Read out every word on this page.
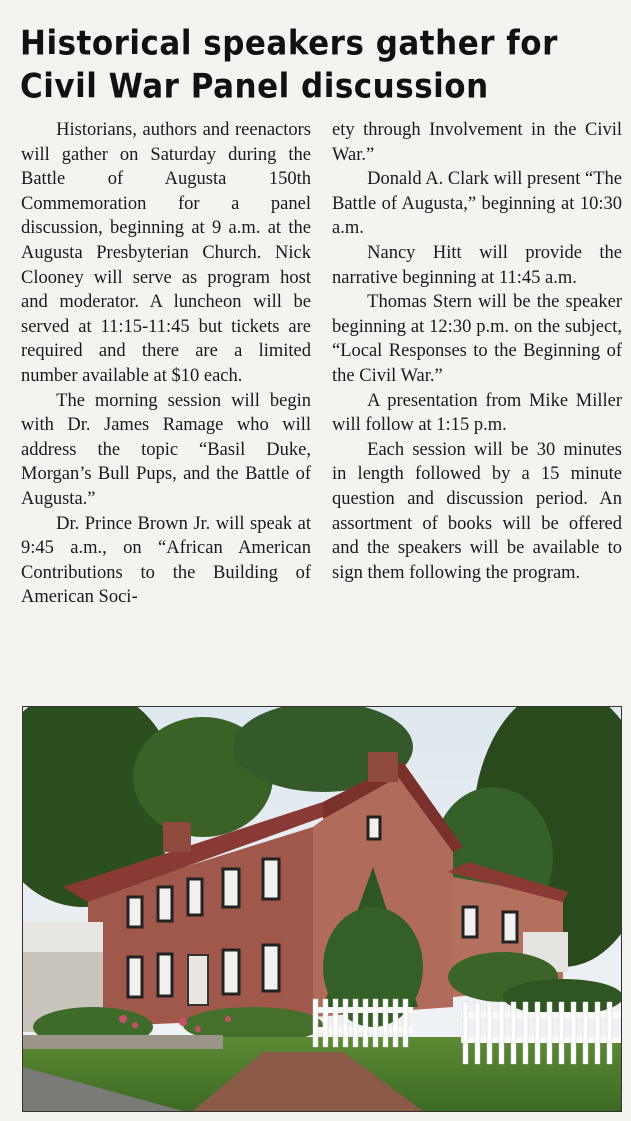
Historical speakers gather for
Civil War Panel discussion

Historians, authors and reenactors will gather on Saturday during the Battle of Augusta 150th Commemoration for a panel discussion, beginning at 9 a.m. at the Augusta Presbyterian Church. Nick Clooney will serve as program host and moderator. A luncheon will be served at 11:15-11:45 but tickets are required and there are a limited number available at $10 each.

The morning session will begin with Dr. James Ramage who will address the topic “Basil Duke, Morgan’s Bull Pups, and the Battle of Augusta.”

Dr. Prince Brown Jr. will speak at 9:45 a.m., on “African American Contributions to the Building of American Soci-

ety through Involvement in the Civil War.”

Donald A. Clark will present “The Battle of Augusta,” beginning at 10:30 a.m.

Nancy Hitt will provide the narrative beginning at 11:45 a.m.

Thomas Stern will be the speaker beginning at 12:30 p.m. on the subject, “Local Responses to the Beginning of the Civil War.”

A presentation from Mike Miller will follow at 1:15 p.m.

Each session will be 30 minutes in length followed by a 15 minute question and discussion period. An assortment of books will be offered and the speakers will be available to sign them following the program.
